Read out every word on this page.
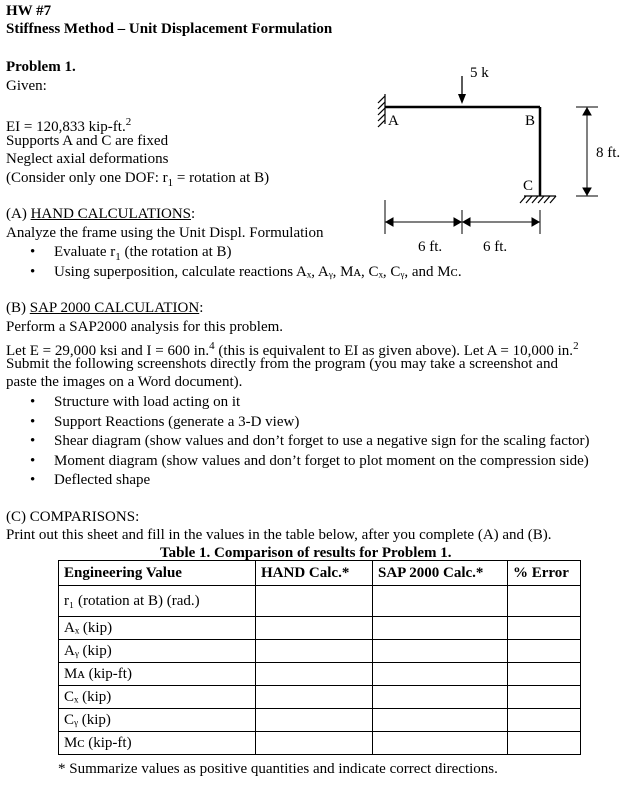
HW #7
Stiffness Method – Unit Displacement Formulation
Problem 1.
Given:
EI = 120,833 kip-ft.$^2$
Supports A and C are fixed
Neglect axial deformations
(Consider only one DOF: $r_1$ = rotation at B)
5 k
A	B
C
8 ft.
6 ft.	6 ft.
(A) HAND CALCULATIONS:
Analyze the frame using the Unit Displ. Formulation
• Evaluate $r_1$ (the rotation at B)
• Using superposition, calculate reactions Aₓ, Aᵧ, Mᴀ, Cₓ, Cᵧ, and Mᴄ.
(B) SAP 2000 CALCULATION:
Perform a SAP2000 analysis for this problem.
Let E = 29,000 ksi and I = 600 in.$^4$ (this is equivalent to EI as given above). Let A = 10,000 in.$^2$
Submit the following screenshots directly from the program (you may take a screenshot and
paste the images on a Word document).
• Structure with load acting on it
• Support Reactions (generate a 3-D view)
• Shear diagram (show values and don’t forget to use a negative sign for the scaling factor)
• Moment diagram (show values and don’t forget to plot moment on the compression side)
• Deflected shape
(C) COMPARISONS:
Print out this sheet and fill in the values in the table below, after you complete (A) and (B).
Table 1. Comparison of results for Problem 1.
Engineering Value	HAND Calc.*	SAP 2000 Calc.*	% Error
r₁ (rotation at B) (rad.)			
Aₓ (kip)			
Aᵧ (kip)			
Mᴀ (kip-ft)			
Cₓ (kip)			
Cᵧ (kip)			
Mᴄ (kip-ft)			
* Summarize values as positive quantities and indicate correct directions.
